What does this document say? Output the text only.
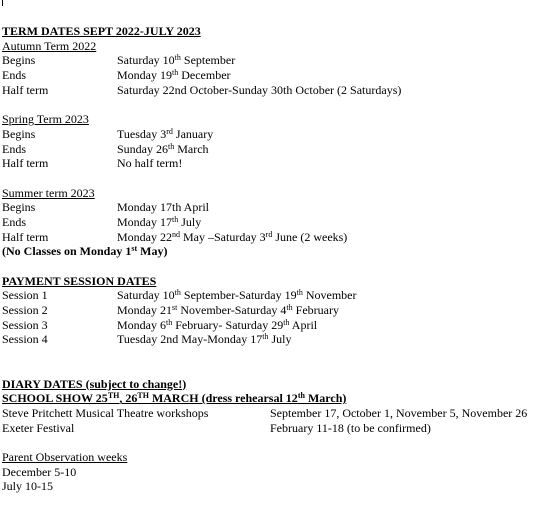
TERM DATES SEPT 2022-JULY 2023
Autumn Term 2022
Begins	Saturday 10th September
Ends	Monday 19th December
Half term	Saturday 22nd October-Sunday 30th October (2 Saturdays)
Spring Term 2023
Begins	Tuesday 3rd January
Ends	Sunday 26th March
Half term	No half term!
Summer term 2023
Begins	Monday 17th April
Ends	Monday 17th July
Half term	Monday 22nd May –Saturday 3rd June (2 weeks)
(No Classes on Monday 1st May)
PAYMENT SESSION DATES
Session 1	Saturday 10th September-Saturday 19th November
Session 2	Monday 21st November-Saturday 4th February
Session 3	Monday 6th February- Saturday 29th April
Session 4	Tuesday 2nd May-Monday 17th July
DIARY DATES (subject to change!)
SCHOOL SHOW 25TH, 26TH MARCH (dress rehearsal 12th March)
Steve Pritchett Musical Theatre workshops	September 17, October 1, November 5, November 26
Exeter Festival	February 11-18 (to be confirmed)
Parent Observation weeks
December 5-10
July 10-15
